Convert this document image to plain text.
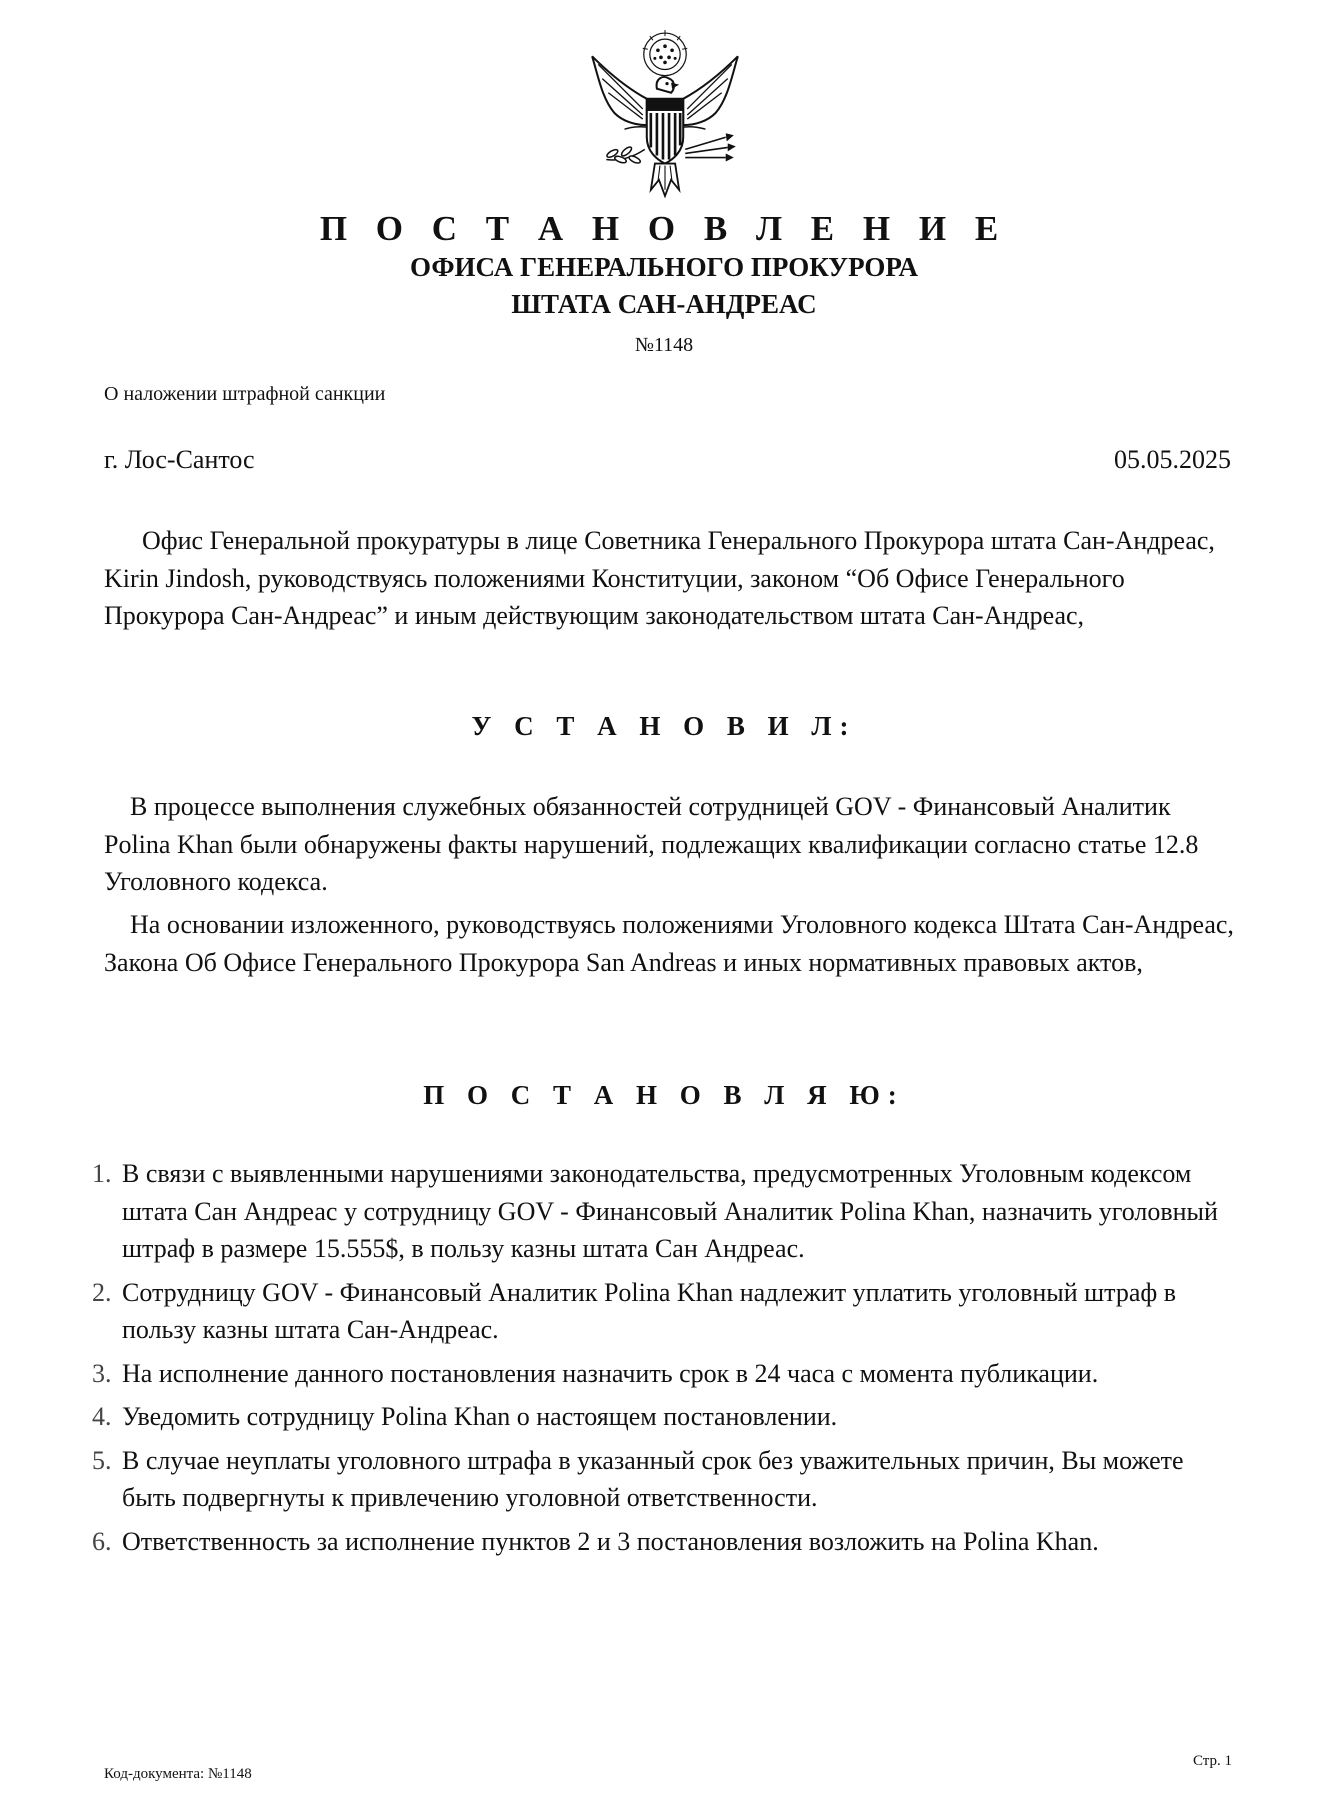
П О С Т А Н О В Л Е Н И Е
ОФИСА ГЕНЕРАЛЬНОГО ПРОКУРОРА
ШТАТА САН-АНДРЕАС
№1148
О наложении штрафной санкции
г. Лос-Сантос	05.05.2025

Офис Генеральной прокуратуры в лице Советника Генерального Прокурора штата Сан-Андреас, Kirin Jindosh, руководствуясь положениями Конституции, законом “Об Офисе Генерального Прокурора Сан-Андреас” и иным действующим законодательством штата Сан-Андреас,

У С Т А Н О В И Л:

В процессе выполнения служебных обязанностей сотрудницей GOV - Финансовый Аналитик Polina Khan были обнаружены факты нарушений, подлежащих квалификации согласно статье 12.8 Уголовного кодекса.

На основании изложенного, руководствуясь положениями Уголовного кодекса Штата Сан-Андреас, Закона Об Офисе Генерального Прокурора San Andreas и иных нормативных правовых актов,

П О С Т А Н О В Л Я Ю:
1. В связи с выявленными нарушениями законодательства, предусмотренных Уголовным кодексом штата Сан Андреас у сотрудницу GOV - Финансовый Аналитик Polina Khan, назначить уголовный штраф в размере 15.555$, в пользу казны штата Сан Андреас.
2. Сотрудницу GOV - Финансовый Аналитик Polina Khan надлежит уплатить уголовный штраф в пользу казны штата Сан-Андреас.
3. На исполнение данного постановления назначить срок в 24 часа с момента публикации.
4. Уведомить сотрудницу Polina Khan о настоящем постановлении.
5. В случае неуплаты уголовного штрафа в указанный срок без уважительных причин, Вы можете быть подвергнуты к привлечению уголовной ответственности.
6. Ответственность за исполнение пунктов 2 и 3 постановления возложить на Polina Khan.
Код-документа: №1148
Стр. 1
